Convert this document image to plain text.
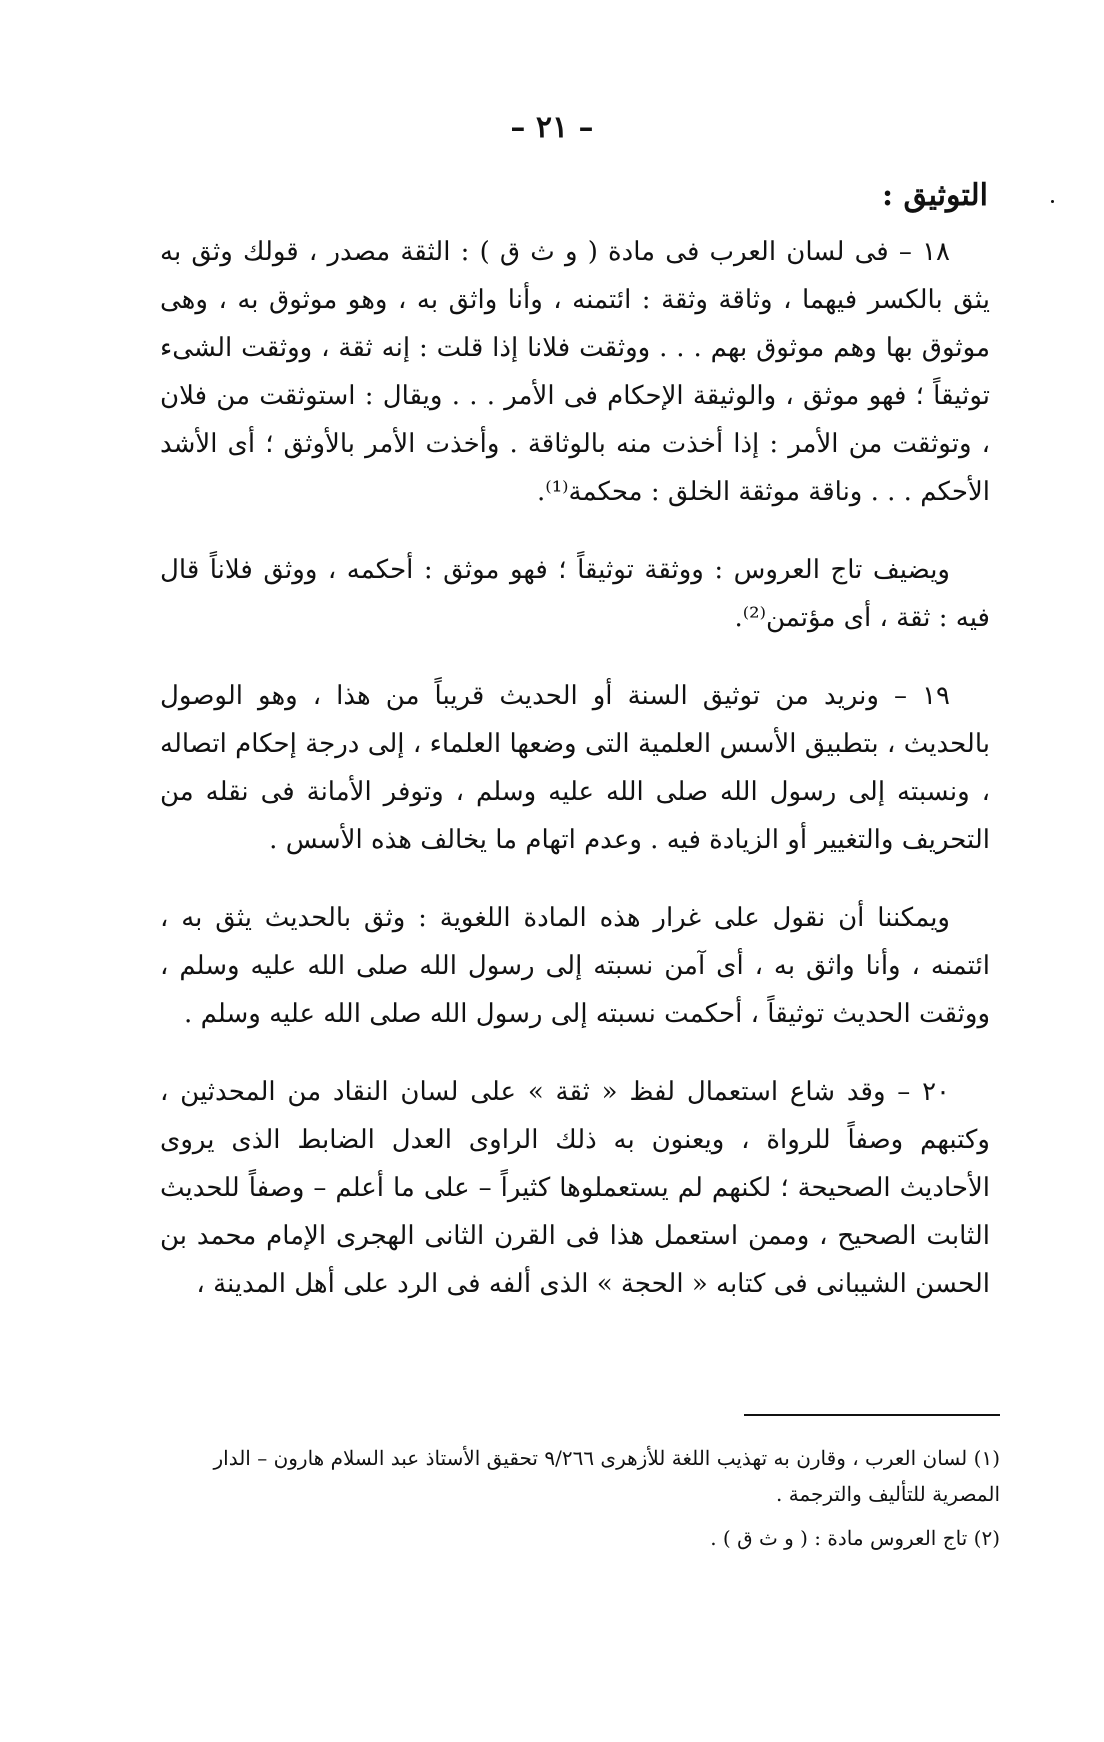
– ٢١ –
التوثيق :

١٨ – فى لسان العرب فى مادة ( و ث ق ) : الثقة مصدر ، قولك وثق به يثق بالكسر فيهما ، وثاقة وثقة : ائتمنه ، وأنا واثق به ، وهو موثوق به ، وهى موثوق بها وهم موثوق بهم . . . ووثقت فلانا إذا قلت : إنه ثقة ، ووثقت الشىء توثيقاً ؛ فهو موثق ، والوثيقة الإحكام فى الأمر . . . ويقال : استوثقت من فلان ، وتوثقت من الأمر : إذا أخذت منه بالوثاقة . وأخذت الأمر بالأوثق ؛ أى الأشد الأحكم . . . وناقة موثقة الخلق : محكمة⁽¹⁾.

ويضيف تاج العروس : ووثقة توثيقاً ؛ فهو موثق : أحكمه ، ووثق فلاناً قال فيه : ثقة ، أى مؤتمن⁽²⁾.

١٩ – ونريد من توثيق السنة أو الحديث قريباً من هذا ، وهو الوصول بالحديث ، بتطبيق الأسس العلمية التى وضعها العلماء ، إلى درجة إحكام اتصاله ، ونسبته إلى رسول الله صلى الله عليه وسلم ، وتوفر الأمانة فى نقله من التحريف والتغيير أو الزيادة فيه . وعدم اتهام ما يخالف هذه الأسس .

ويمكننا أن نقول على غرار هذه المادة اللغوية : وثق بالحديث يثق به ، ائتمنه ، وأنا واثق به ، أى آمن نسبته إلى رسول الله صلى الله عليه وسلم ، ووثقت الحديث توثيقاً ، أحكمت نسبته إلى رسول الله صلى الله عليه وسلم .

٢٠ – وقد شاع استعمال لفظ « ثقة » على لسان النقاد من المحدثين ، وكتبهم وصفاً للرواة ، ويعنون به ذلك الراوى العدل الضابط الذى يروى الأحاديث الصحيحة ؛ لكنهم لم يستعملوها كثيراً – على ما أعلم – وصفاً للحديث الثابت الصحيح ، وممن استعمل هذا فى القرن الثانى الهجرى الإمام محمد بن الحسن الشيبانى فى كتابه « الحجة » الذى ألفه فى الرد على أهل المدينة ،

(١) لسان العرب ، وقارن به تهذيب اللغة للأزهرى ٩/٢٦٦ تحقيق الأستاذ عبد السلام هارون – الدار المصرية للتأليف والترجمة .

(٢) تاج العروس مادة : ( و ث ق ) .
